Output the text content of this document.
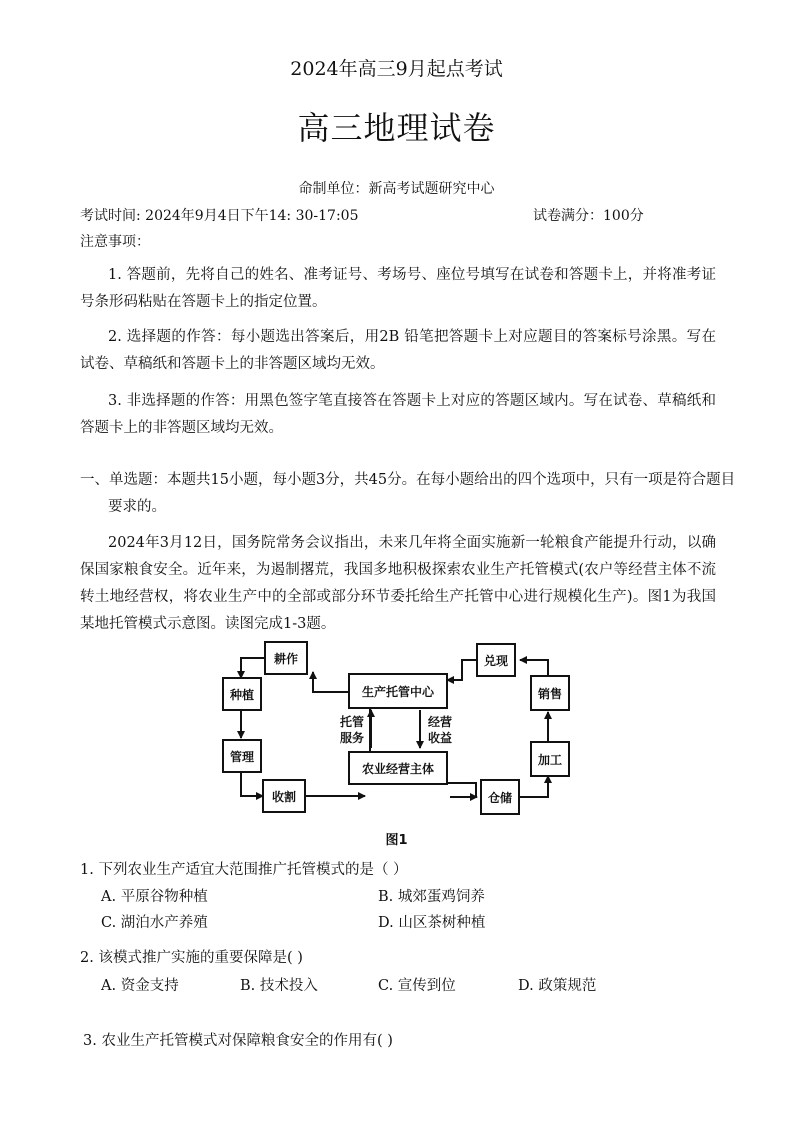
2024年高三9月起点考试
高三地理试卷
命制单位：新高考试题研究中心
考试时间: 2024年9月4日下午14: 30-17:05	试卷满分：100分
注意事项：
1. 答题前，先将自己的姓名、准考证号、考场号、座位号填写在试卷和答题卡上，并将准考证号条形码粘贴在答题卡上的指定位置。
2. 选择题的作答：每小题选出答案后，用2B 铅笔把答题卡上对应题目的答案标号涂黑。写在试卷、草稿纸和答题卡上的非答题区域均无效。
3. 非选择题的作答：用黑色签字笔直接答在答题卡上对应的答题区域内。写在试卷、草稿纸和答题卡上的非答题区域均无效。
一、单选题：本题共15小题，每小题3分，共45分。在每小题给出的四个选项中，只有一项是符合题目要求的。
2024年3月12日，国务院常务会议指出，未来几年将全面实施新一轮粮食产能提升行动，以确保国家粮食安全。近年来，为遏制撂荒，我国多地积极探索农业生产托管模式(农户等经营主体不流转土地经营权，将农业生产中的全部或部分环节委托给生产托管中心进行规模化生产)。图1为我国某地托管模式示意图。读图完成1-3题。
耕作
种植
管理
收割
生产托管中心
农业经营主体
兑现
销售
加工
仓储
托管
服务
经营
收益
图1
1. 下列农业生产适宜大范围推广托管模式的是（ ）
A. 平原谷物种植	B. 城郊蛋鸡饲养
C. 湖泊水产养殖	D. 山区茶树种植
2. 该模式推广实施的重要保障是( )
A. 资金支持	B. 技术投入	C. 宣传到位	D. 政策规范
3. 农业生产托管模式对保障粮食安全的作用有( )
